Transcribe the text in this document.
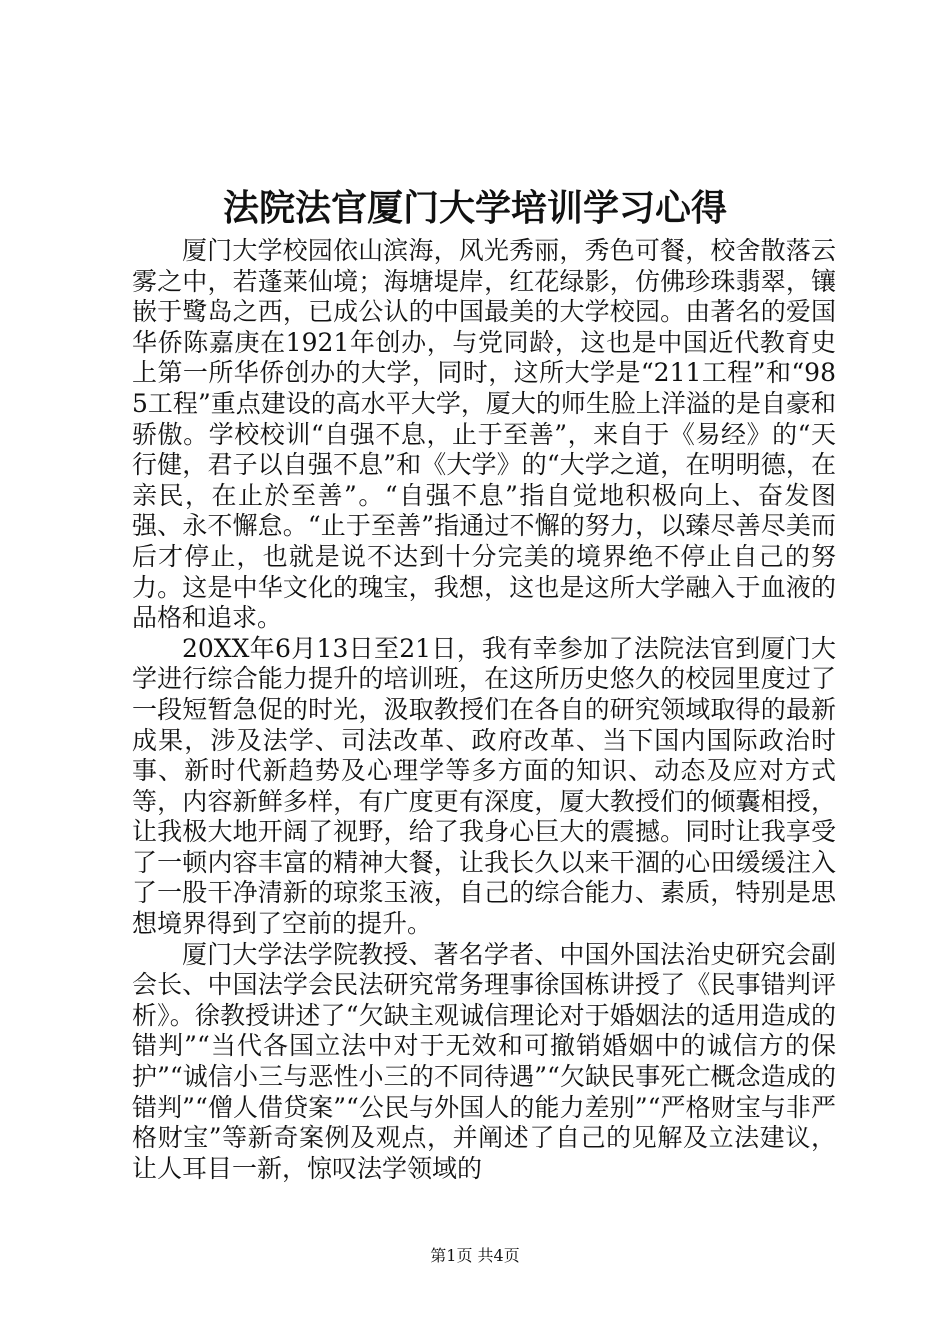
法院法官厦门大学培训学习心得

厦门大学校园依山滨海，风光秀丽，秀色可餐，校舍散落云雾之中，若蓬莱仙境；海塘堤岸，红花绿影，仿佛珍珠翡翠，镶嵌于鹭岛之西，已成公认的中国最美的大学校园。由著名的爱国华侨陈嘉庚在1921年创办，与党同龄，这也是中国近代教育史上第一所华侨创办的大学，同时，这所大学是“211工程”和“985工程”重点建设的高水平大学，厦大的师生脸上洋溢的是自豪和骄傲。学校校训“自强不息，止于至善”，来自于《易经》的“天行健，君子以自强不息”和《大学》的“大学之道，在明明德，在亲民，在止於至善”。“自强不息”指自觉地积极向上、奋发图强、永不懈怠。“止于至善”指通过不懈的努力，以臻尽善尽美而后才停止，也就是说不达到十分完美的境界绝不停止自己的努力。这是中华文化的瑰宝，我想，这也是这所大学融入于血液的品格和追求。

20XX年6月13日至21日，我有幸参加了法院法官到厦门大学进行综合能力提升的培训班，在这所历史悠久的校园里度过了一段短暂急促的时光，汲取教授们在各自的研究领域取得的最新成果，涉及法学、司法改革、政府改革、当下国内国际政治时事、新时代新趋势及心理学等多方面的知识、动态及应对方式等，内容新鲜多样，有广度更有深度，厦大教授们的倾囊相授，让我极大地开阔了视野，给了我身心巨大的震撼。同时让我享受了一顿内容丰富的精神大餐，让我长久以来干涸的心田缓缓注入了一股干净清新的琼浆玉液，自己的综合能力、素质，特别是思想境界得到了空前的提升。

厦门大学法学院教授、著名学者、中国外国法治史研究会副会长、中国法学会民法研究常务理事徐国栋讲授了《民事错判评析》。徐教授讲述了“欠缺主观诚信理论对于婚姻法的适用造成的错判”“当代各国立法中对于无效和可撤销婚姻中的诚信方的保护”“诚信小三与恶性小三的不同待遇”“欠缺民事死亡概念造成的错判”“僧人借贷案”“公民与外国人的能力差别”“严格财宝与非严格财宝”等新奇案例及观点，并阐述了自己的见解及立法建议，让人耳目一新，惊叹法学领域的

第1页 共4页
